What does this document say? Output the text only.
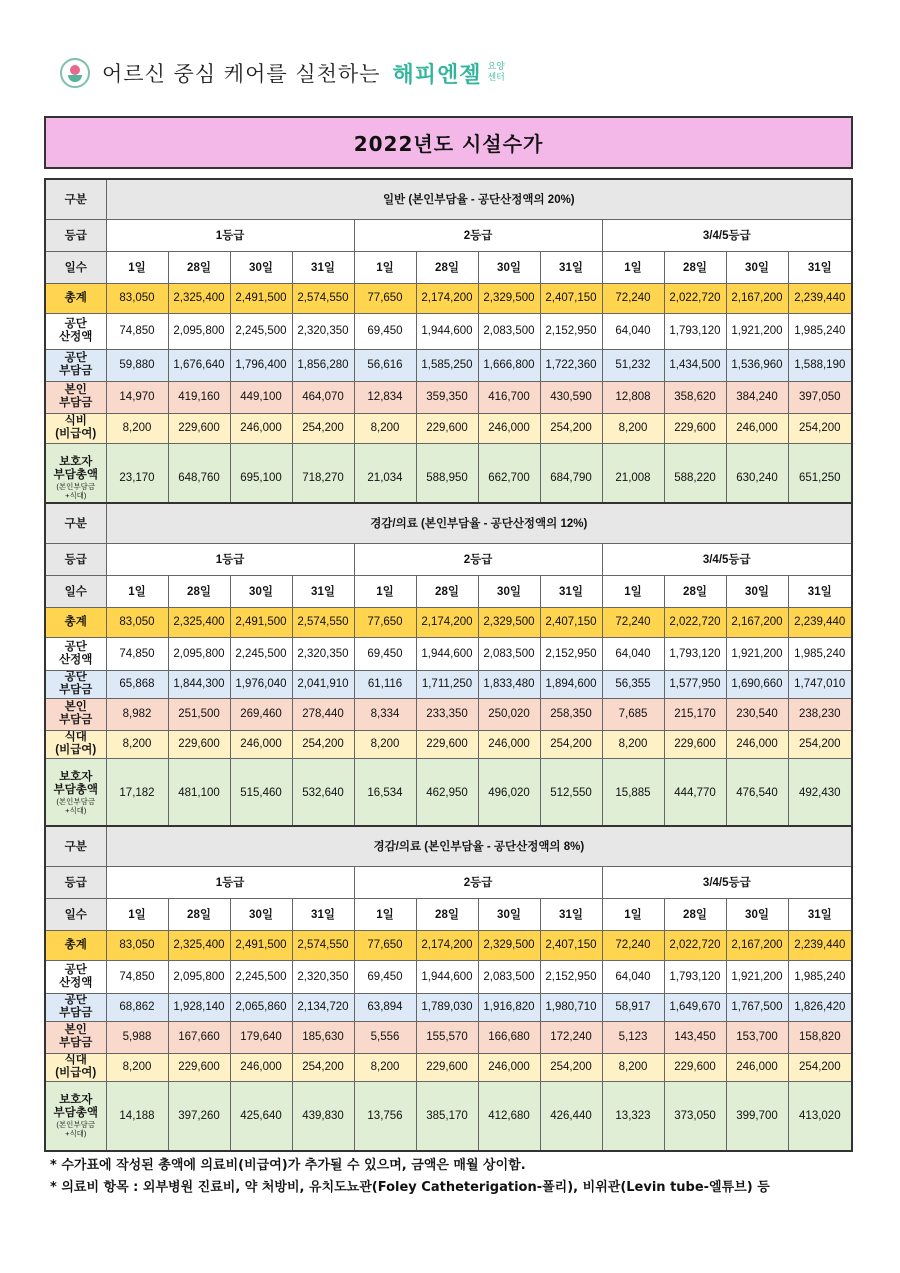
어르신 중심 케어를 실천하는 해피엔젤 요양센터
2022년도 시설수가
구분	일반 (본인부담율 - 공단산정액의 20%)											
등급	1등급				2등급				3/4/5등급			
일수	1일	28일	30일	31일	1일	28일	30일	31일	1일	28일	30일	31일

총계	83,050	2,325,400	2,491,500	2,574,550	77,650	2,174,200	2,329,500	2,407,150	72,240	2,022,720	2,167,200	2,239,440

공단
산정액	74,850	2,095,800	2,245,500	2,320,350	69,450	1,944,600	2,083,500	2,152,950	64,040	1,793,120	1,921,200	1,985,240

공단
부담금	59,880	1,676,640	1,796,400	1,856,280	56,616	1,585,250	1,666,800	1,722,360	51,232	1,434,500	1,536,960	1,588,190

본인
부담금	14,970	419,160	449,100	464,070	12,834	359,350	416,700	430,590	12,808	358,620	384,240	397,050

식비
(비급여)	8,200	229,600	246,000	254,200	8,200	229,600	246,000	254,200	8,200	229,600	246,000	254,200

보호자
부담총액
(본인부담금
+식대)	23,170	648,760	695,100	718,270	21,034	588,950	662,700	684,790	21,008	588,220	630,240	651,250
구분	경감/의료 (본인부담율 - 공단산정액의 12%)											
등급	1등급				2등급				3/4/5등급			
일수	1일	28일	30일	31일	1일	28일	30일	31일	1일	28일	30일	31일

총계	83,050	2,325,400	2,491,500	2,574,550	77,650	2,174,200	2,329,500	2,407,150	72,240	2,022,720	2,167,200	2,239,440

공단
산정액	74,850	2,095,800	2,245,500	2,320,350	69,450	1,944,600	2,083,500	2,152,950	64,040	1,793,120	1,921,200	1,985,240

공단
부담금	65,868	1,844,300	1,976,040	2,041,910	61,116	1,711,250	1,833,480	1,894,600	56,355	1,577,950	1,690,660	1,747,010

본인
부담금	8,982	251,500	269,460	278,440	8,334	233,350	250,020	258,350	7,685	215,170	230,540	238,230

식대
(비급여)	8,200	229,600	246,000	254,200	8,200	229,600	246,000	254,200	8,200	229,600	246,000	254,200

보호자
부담총액
(본인부담금
+식대)	17,182	481,100	515,460	532,640	16,534	462,950	496,020	512,550	15,885	444,770	476,540	492,430
구분	경감/의료 (본인부담율 - 공단산정액의 8%)											
등급	1등급				2등급				3/4/5등급			
일수	1일	28일	30일	31일	1일	28일	30일	31일	1일	28일	30일	31일

총계	83,050	2,325,400	2,491,500	2,574,550	77,650	2,174,200	2,329,500	2,407,150	72,240	2,022,720	2,167,200	2,239,440

공단
산정액	74,850	2,095,800	2,245,500	2,320,350	69,450	1,944,600	2,083,500	2,152,950	64,040	1,793,120	1,921,200	1,985,240

공단
부담금	68,862	1,928,140	2,065,860	2,134,720	63,894	1,789,030	1,916,820	1,980,710	58,917	1,649,670	1,767,500	1,826,420

본인
부담금	5,988	167,660	179,640	185,630	5,556	155,570	166,680	172,240	5,123	143,450	153,700	158,820

식대
(비급여)	8,200	229,600	246,000	254,200	8,200	229,600	246,000	254,200	8,200	229,600	246,000	254,200

보호자
부담총액
(본인부담금
+식대)	14,188	397,260	425,640	439,830	13,756	385,170	412,680	426,440	13,323	373,050	399,700	413,020
* 수가표에 작성된 총액에 의료비(비급여)가 추가될 수 있으며, 금액은 매월 상이함.
* 의료비 항목 : 외부병원 진료비, 약 처방비, 유치도뇨관(Foley Catheterigation-폴리), 비위관(Levin tube-엘튜브) 등
